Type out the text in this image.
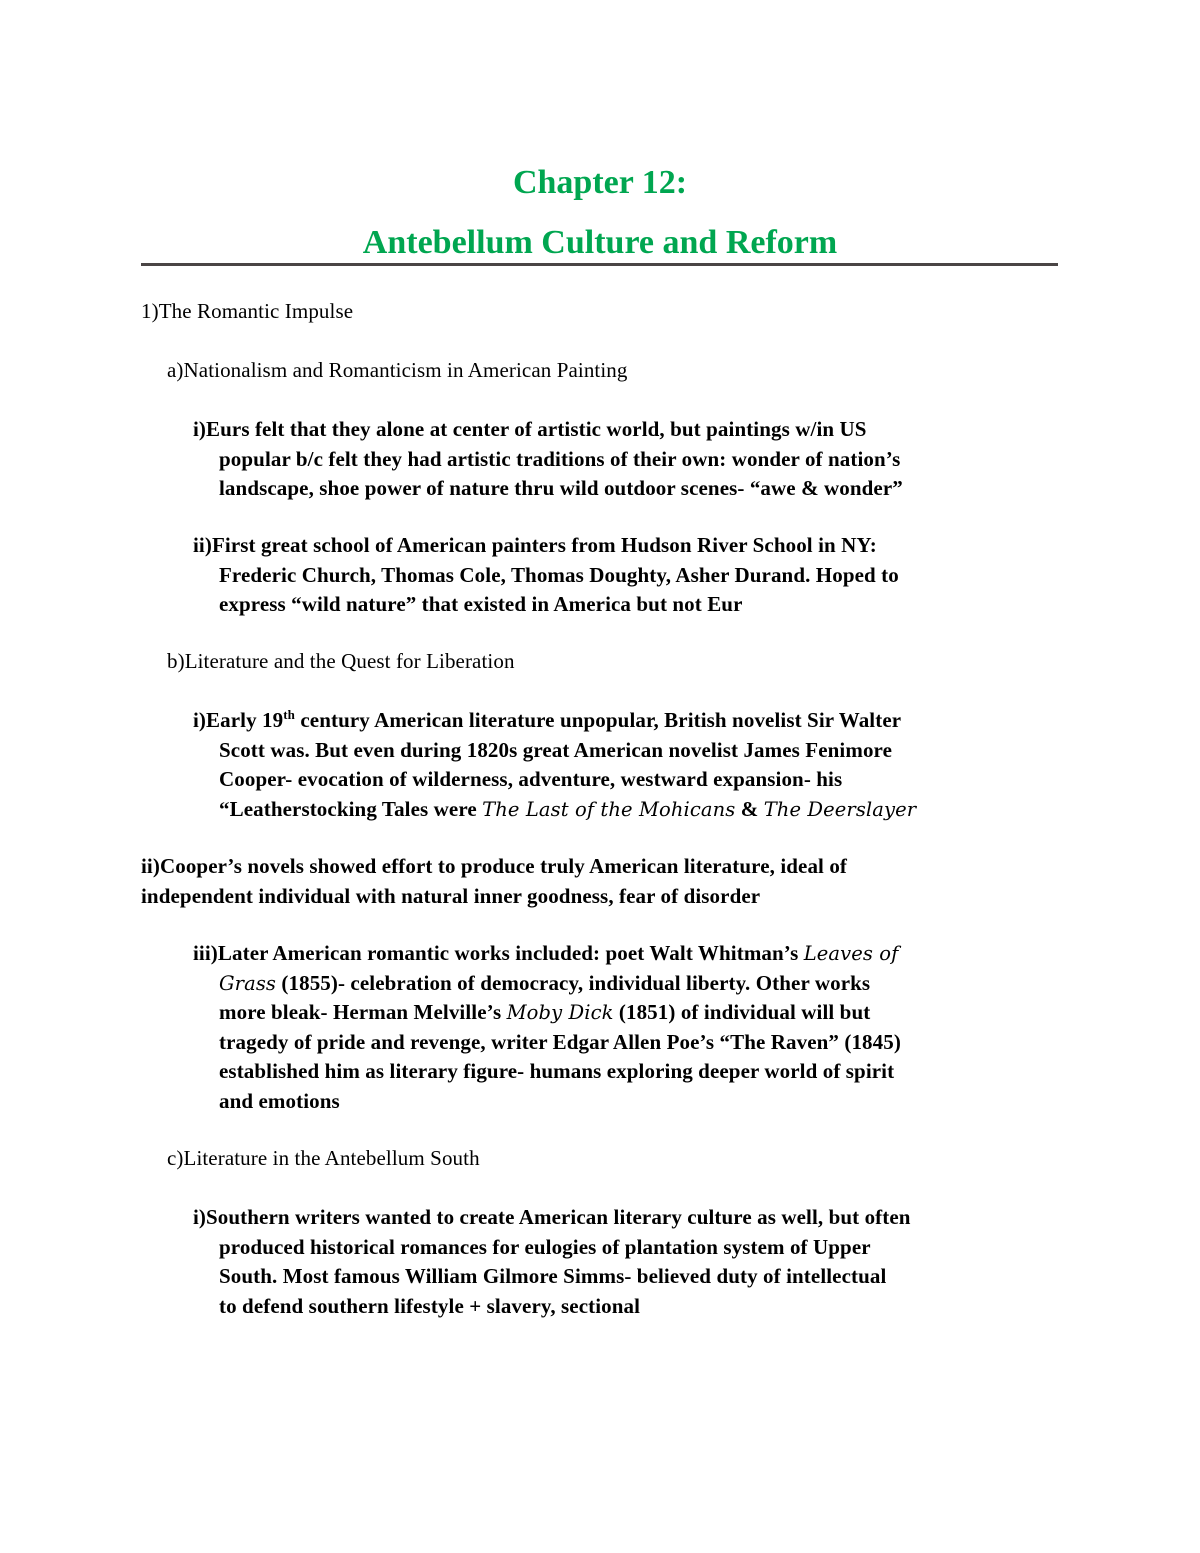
Chapter 12:
Antebellum Culture and Reform
1)The Romantic Impulse
a)Nationalism and Romanticism in American Painting
i)Eurs felt that they alone at center of artistic world, but paintings w/in US
popular b/c felt they had artistic traditions of their own: wonder of nation’s
landscape, shoe power of nature thru wild outdoor scenes- “awe & wonder”
ii)First great school of American painters from Hudson River School in NY:
Frederic Church, Thomas Cole, Thomas Doughty, Asher Durand. Hoped to
express “wild nature” that existed in America but not Eur
b)Literature and the Quest for Liberation
i)Early 19th century American literature unpopular, British novelist Sir Walter
Scott was. But even during 1820s great American novelist James Fenimore
Cooper- evocation of wilderness, adventure, westward expansion- his
“Leatherstocking Tales were The Last of the Mohicans & The Deerslayer
ii)Cooper’s novels showed effort to produce truly American literature, ideal of
independent individual with natural inner goodness, fear of disorder
iii)Later American romantic works included: poet Walt Whitman’s Leaves of
Grass (1855)- celebration of democracy, individual liberty. Other works
more bleak- Herman Melville’s Moby Dick (1851) of individual will but
tragedy of pride and revenge, writer Edgar Allen Poe’s “The Raven” (1845)
established him as literary figure- humans exploring deeper world of spirit
and emotions
c)Literature in the Antebellum South
i)Southern writers wanted to create American literary culture as well, but often
produced historical romances for eulogies of plantation system of Upper
South. Most famous William Gilmore Simms- believed duty of intellectual
to defend southern lifestyle + slavery, sectional
